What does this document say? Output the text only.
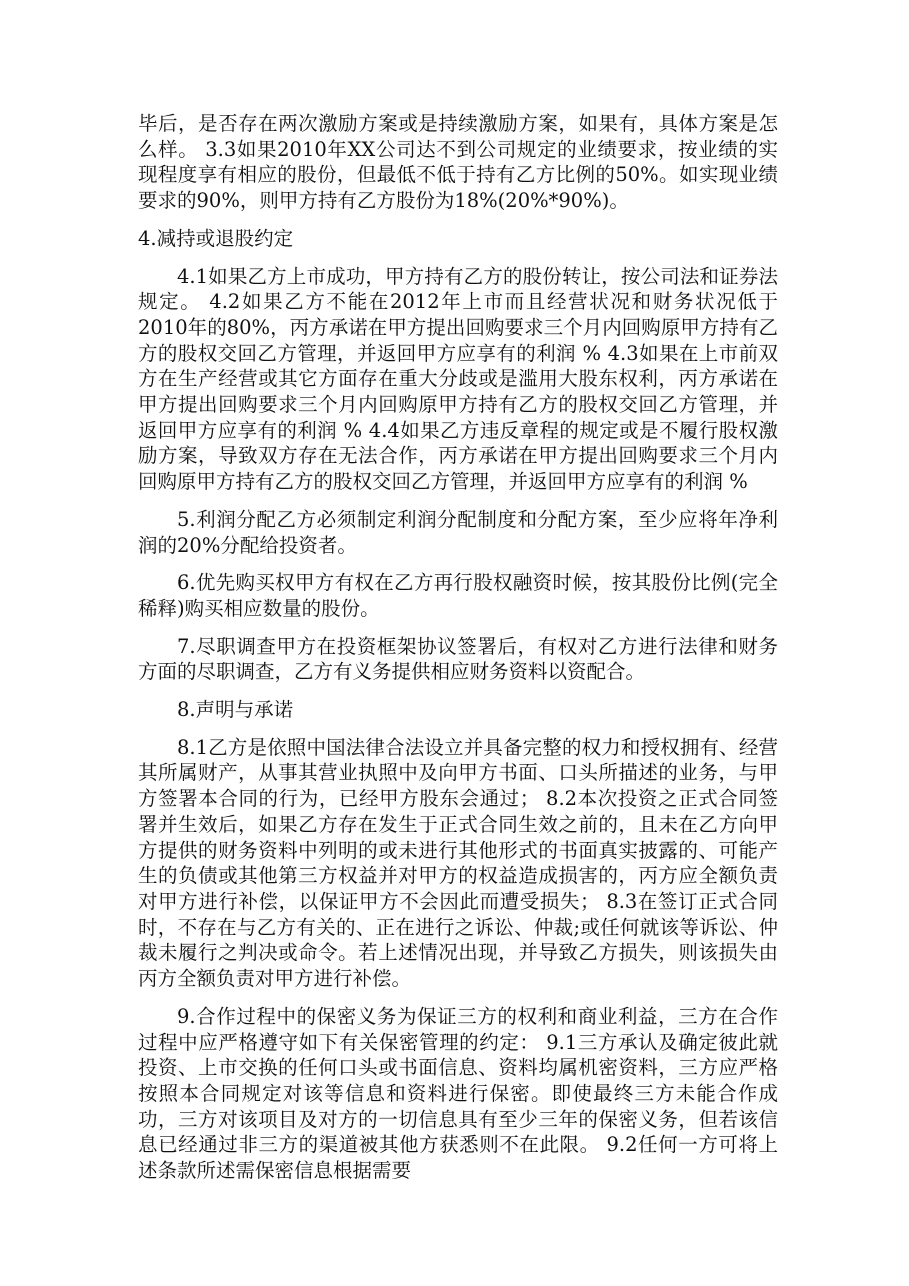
毕后，是否存在两次激励方案或是持续激励方案，如果有，具体方案是怎么样。 3.3如果2010年XX公司达不到公司规定的业绩要求，按业绩的实现程度享有相应的股份，但最低不低于持有乙方比例的50%。如实现业绩要求的90%，则甲方持有乙方股份为18%(20%*90%)。

4.减持或退股约定

4.1如果乙方上市成功，甲方持有乙方的股份转让，按公司法和证券法规定。 4.2如果乙方不能在2012年上市而且经营状况和财务状况低于2010年的80%，丙方承诺在甲方提出回购要求三个月内回购原甲方持有乙方的股权交回乙方管理，并返回甲方应享有的利润 % 4.3如果在上市前双方在生产经营或其它方面存在重大分歧或是滥用大股东权利，丙方承诺在甲方提出回购要求三个月内回购原甲方持有乙方的股权交回乙方管理，并返回甲方应享有的利润 % 4.4如果乙方违反章程的规定或是不履行股权激励方案，导致双方存在无法合作，丙方承诺在甲方提出回购要求三个月内回购原甲方持有乙方的股权交回乙方管理，并返回甲方应享有的利润 %

5.利润分配乙方必须制定利润分配制度和分配方案，至少应将年净利润的20%分配给投资者。

6.优先购买权甲方有权在乙方再行股权融资时候，按其股份比例(完全稀释)购买相应数量的股份。

7.尽职调查甲方在投资框架协议签署后，有权对乙方进行法律和财务方面的尽职调查，乙方有义务提供相应财务资料以资配合。

8.声明与承诺

8.1乙方是依照中国法律合法设立并具备完整的权力和授权拥有、经营其所属财产，从事其营业执照中及向甲方书面、口头所描述的业务，与甲方签署本合同的行为，已经甲方股东会通过； 8.2本次投资之正式合同签署并生效后，如果乙方存在发生于正式合同生效之前的，且未在乙方向甲方提供的财务资料中列明的或未进行其他形式的书面真实披露的、可能产生的负债或其他第三方权益并对甲方的权益造成损害的，丙方应全额负责对甲方进行补偿，以保证甲方不会因此而遭受损失； 8.3在签订正式合同时，不存在与乙方有关的、正在进行之诉讼、仲裁;或任何就该等诉讼、仲裁未履行之判决或命令。若上述情况出现，并导致乙方损失，则该损失由丙方全额负责对甲方进行补偿。

9.合作过程中的保密义务为保证三方的权利和商业利益，三方在合作过程中应严格遵守如下有关保密管理的约定： 9.1三方承认及确定彼此就投资、上市交换的任何口头或书面信息、资料均属机密资料，三方应严格按照本合同规定对该等信息和资料进行保密。即使最终三方未能合作成功，三方对该项目及对方的一切信息具有至少三年的保密义务，但若该信息已经通过非三方的渠道被其他方获悉则不在此限。 9.2任何一方可将上述条款所述需保密信息根据需要
